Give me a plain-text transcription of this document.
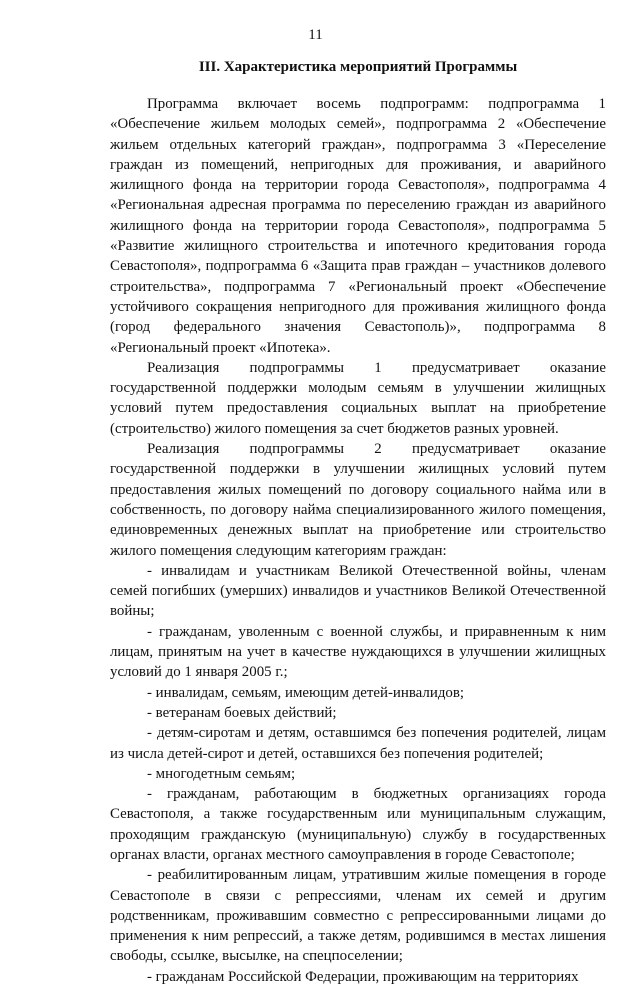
11
III. Характеристика мероприятий Программы

Программа включает восемь подпрограмм: подпрограмма 1 «Обеспечение жильем молодых семей», подпрограмма 2 «Обеспечение жильем отдельных категорий граждан», подпрограмма 3 «Переселение граждан из помещений, непригодных для проживания, и аварийного жилищного фонда на территории города Севастополя», подпрограмма 4 «Региональная адресная программа по переселению граждан из аварийного жилищного фонда на территории города Севастополя», подпрограмма 5 «Развитие жилищного строительства и ипотечного кредитования города Севастополя», подпрограмма 6 «Защита прав граждан – участников долевого строительства», подпрограмма 7 «Региональный проект «Обеспечение устойчивого сокращения непригодного для проживания жилищного фонда (город федерального значения Севастополь)», подпрограмма 8 «Региональный проект «Ипотека».

Реализация подпрограммы 1 предусматривает оказание государственной поддержки молодым семьям в улучшении жилищных условий путем предоставления социальных выплат на приобретение (строительство) жилого помещения за счет бюджетов разных уровней.

Реализация подпрограммы 2 предусматривает оказание государственной поддержки в улучшении жилищных условий путем предоставления жилых помещений по договору социального найма или в собственность, по договору найма специализированного жилого помещения, единовременных денежных выплат на приобретение или строительство жилого помещения следующим категориям граждан:

- инвалидам и участникам Великой Отечественной войны, членам семей погибших (умерших) инвалидов и участников Великой Отечественной войны;

- гражданам, уволенным с военной службы, и приравненным к ним лицам, принятым на учет в качестве нуждающихся в улучшении жилищных условий до 1 января 2005 г.;

- инвалидам, семьям, имеющим детей-инвалидов;

- ветеранам боевых действий;

- детям-сиротам и детям, оставшимся без попечения родителей, лицам из числа детей-сирот и детей, оставшихся без попечения родителей;

- многодетным семьям;

- гражданам, работающим в бюджетных организациях города Севастополя, а также государственным или муниципальным служащим, проходящим гражданскую (муниципальную) службу в государственных органах власти, органах местного самоуправления в городе Севастополе;

- реабилитированным лицам, утратившим жилые помещения в городе Севастополе в связи с репрессиями, членам их семей и другим родственникам, проживавшим совместно с репрессированными лицами до применения к ним репрессий, а также детям, родившимся в местах лишения свободы, ссылке, высылке, на спецпоселении;

- гражданам Российской Федерации, проживающим на территориях
